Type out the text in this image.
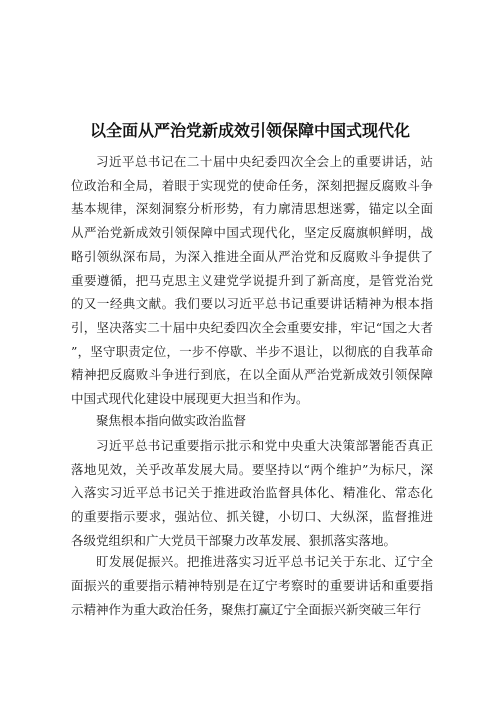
以全面从严治党新成效引领保障中国式现代化

习近平总书记在二十届中央纪委四次全会上的重要讲话，站位政治和全局，着眼于实现党的使命任务，深刻把握反腐败斗争基本规律，深刻洞察分析形势，有力廓清思想迷雾，锚定以全面从严治党新成效引领保障中国式现代化，坚定反腐旗帜鲜明，战略引领纵深布局，为深入推进全面从严治党和反腐败斗争提供了重要遵循，把马克思主义建党学说提升到了新高度，是管党治党的又一经典文献。我们要以习近平总书记重要讲话精神为根本指引，坚决落实二十届中央纪委四次全会重要安排，牢记“国之大者”，坚守职责定位，一步不停歇、半步不退让，以彻底的自我革命精神把反腐败斗争进行到底，在以全面从严治党新成效引领保障中国式现代化建设中展现更大担当和作为。

聚焦根本指向做实政治监督

习近平总书记重要指示批示和党中央重大决策部署能否真正落地见效，关乎改革发展大局。要坚持以“两个维护”为标尺，深入落实习近平总书记关于推进政治监督具体化、精准化、常态化的重要指示要求，强站位、抓关键，小切口、大纵深，监督推进各级党组织和广大党员干部聚力改革发展、狠抓落实落地。

盯发展促振兴。把推进落实习近平总书记关于东北、辽宁全面振兴的重要指示精神特别是在辽宁考察时的重要讲话和重要指示精神作为重大政治任务，聚焦打赢辽宁全面振兴新突破三年行
